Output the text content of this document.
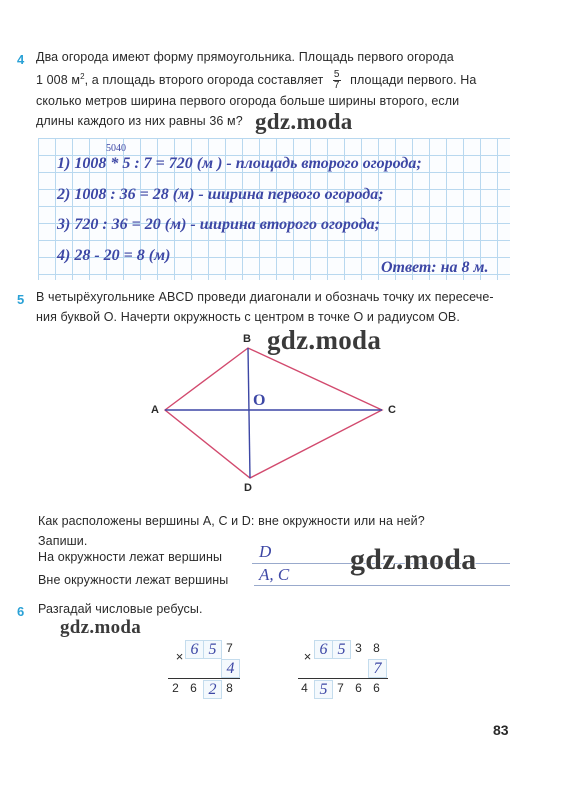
4 Два огорода имеют форму прямоугольника. Площадь первого огорода
1 008 $м^2$, а площадь второго огорода составляет $\frac{5}{7}$ площади первого. На
сколько метров ширина первого огорода больше ширины второго, если
длины каждого из них равны 36 м? gdz.moda
5040
1) 1008 * 5 : 7 = 720 (м ) - площадь второго огорода;
2) 1008 : 36 = 28 (м) - ширина первого огорода;
3) 720 : 36 = 20 (м) - ширина второго огорода;
4) 28 - 20 = 8 (м)
Ответ: на 8 м.
5 В четырёхугольнике ABCD проведи диагонали и обозначь точку их пересече-
ния буквой О. Начерти окружность с центром в точке О и радиусом ОВ.
gdz.moda
B
A	C
D
O
Как расположены вершины А, С и D: вне окружности или на ней?
Запиши.
На окружности лежат вершины D
Вне окружности лежат вершины A, C gdz.moda
6 Разгадай числовые ребусы.
gdz.moda
× 6 5 7
4
2 6 2 8
× 6 5 3 8
7
4 5 7 6 6
83
